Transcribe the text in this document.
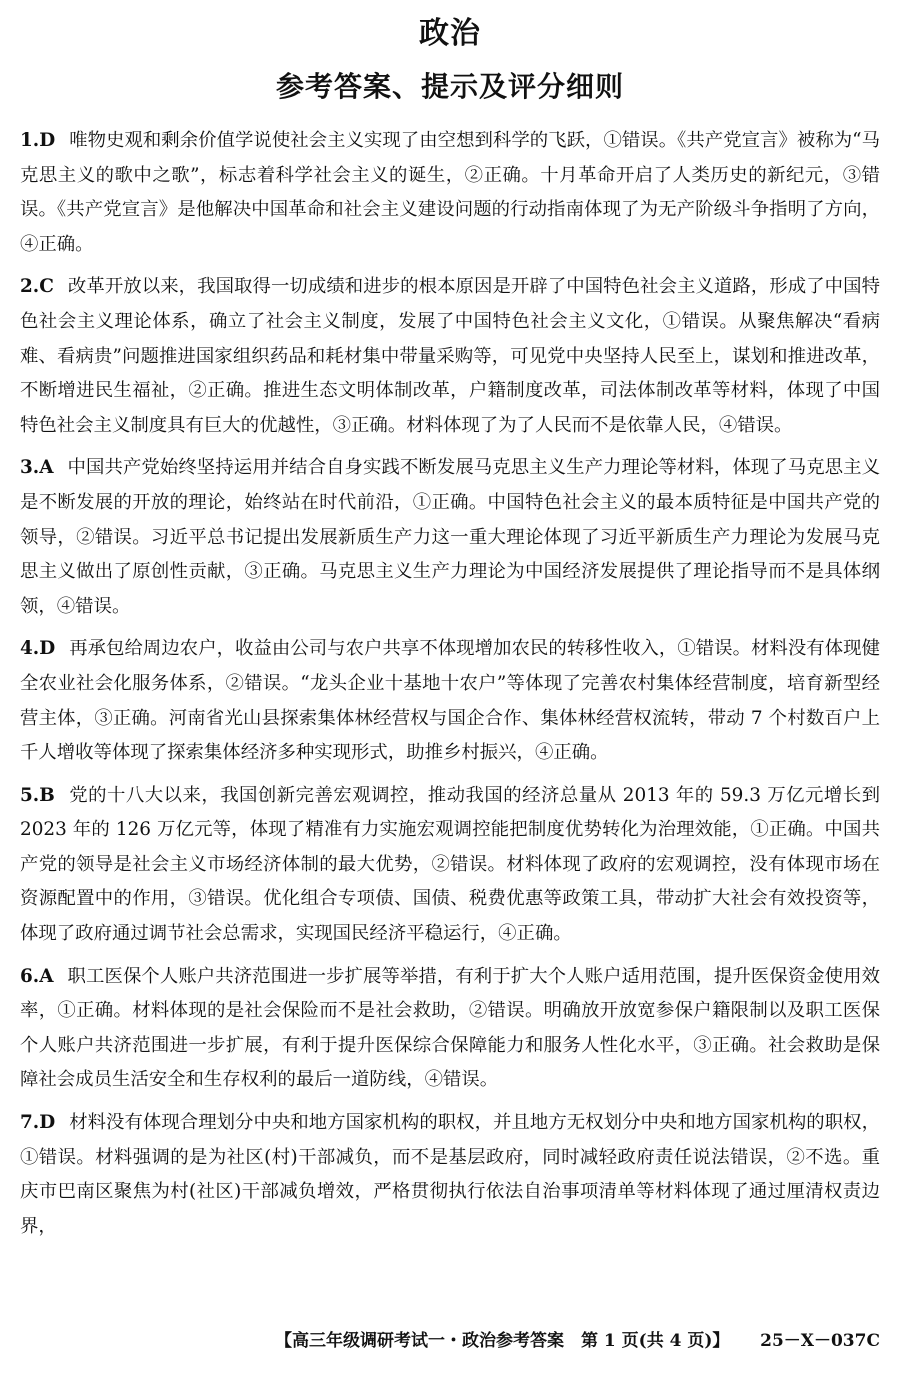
政治
参考答案、提示及评分细则
1.D 唯物史观和剩余价值学说使社会主义实现了由空想到科学的飞跃，①错误。《共产党宣言》被称为“马克思主义的歌中之歌”，标志着科学社会主义的诞生，②正确。十月革命开启了人类历史的新纪元，③错误。《共产党宣言》是他解决中国革命和社会主义建设问题的行动指南体现了为无产阶级斗争指明了方向，④正确。
2.C 改革开放以来，我国取得一切成绩和进步的根本原因是开辟了中国特色社会主义道路，形成了中国特色社会主义理论体系，确立了社会主义制度，发展了中国特色社会主义文化，①错误。从聚焦解决“看病难、看病贵”问题推进国家组织药品和耗材集中带量采购等，可见党中央坚持人民至上，谋划和推进改革，不断增进民生福祉，②正确。推进生态文明体制改革，户籍制度改革，司法体制改革等材料，体现了中国特色社会主义制度具有巨大的优越性，③正确。材料体现了为了人民而不是依靠人民，④错误。
3.A 中国共产党始终坚持运用并结合自身实践不断发展马克思主义生产力理论等材料，体现了马克思主义是不断发展的开放的理论，始终站在时代前沿，①正确。中国特色社会主义的最本质特征是中国共产党的领导，②错误。习近平总书记提出发展新质生产力这一重大理论体现了习近平新质生产力理论为发展马克思主义做出了原创性贡献，③正确。马克思主义生产力理论为中国经济发展提供了理论指导而不是具体纲领，④错误。
4.D 再承包给周边农户，收益由公司与农户共享不体现增加农民的转移性收入，①错误。材料没有体现健全农业社会化服务体系，②错误。“龙头企业十基地十农户”等体现了完善农村集体经营制度，培育新型经营主体，③正确。河南省光山县探索集体林经营权与国企合作、集体林经营权流转，带动 7 个村数百户上千人增收等体现了探索集体经济多种实现形式，助推乡村振兴，④正确。
5.B 党的十八大以来，我国创新完善宏观调控，推动我国的经济总量从 2013 年的 59.3 万亿元增长到 2023 年的 126 万亿元等，体现了精准有力实施宏观调控能把制度优势转化为治理效能，①正确。中国共产党的领导是社会主义市场经济体制的最大优势，②错误。材料体现了政府的宏观调控，没有体现市场在资源配置中的作用，③错误。优化组合专项债、国债、税费优惠等政策工具，带动扩大社会有效投资等，体现了政府通过调节社会总需求，实现国民经济平稳运行，④正确。
6.A 职工医保个人账户共济范围进一步扩展等举措，有利于扩大个人账户适用范围，提升医保资金使用效率，①正确。材料体现的是社会保险而不是社会救助，②错误。明确放开放宽参保户籍限制以及职工医保个人账户共济范围进一步扩展，有利于提升医保综合保障能力和服务人性化水平，③正确。社会救助是保障社会成员生活安全和生存权利的最后一道防线，④错误。
7.D 材料没有体现合理划分中央和地方国家机构的职权，并且地方无权划分中央和地方国家机构的职权，①错误。材料强调的是为社区(村)干部减负，而不是基层政府，同时减轻政府责任说法错误，②不选。重庆市巴南区聚焦为村(社区)干部减负增效，严格贯彻执行依法自治事项清单等材料体现了通过厘清权责边界，
【高三年级调研考试一・政治参考答案　第 1 页(共 4 页)】 25－X－037C
